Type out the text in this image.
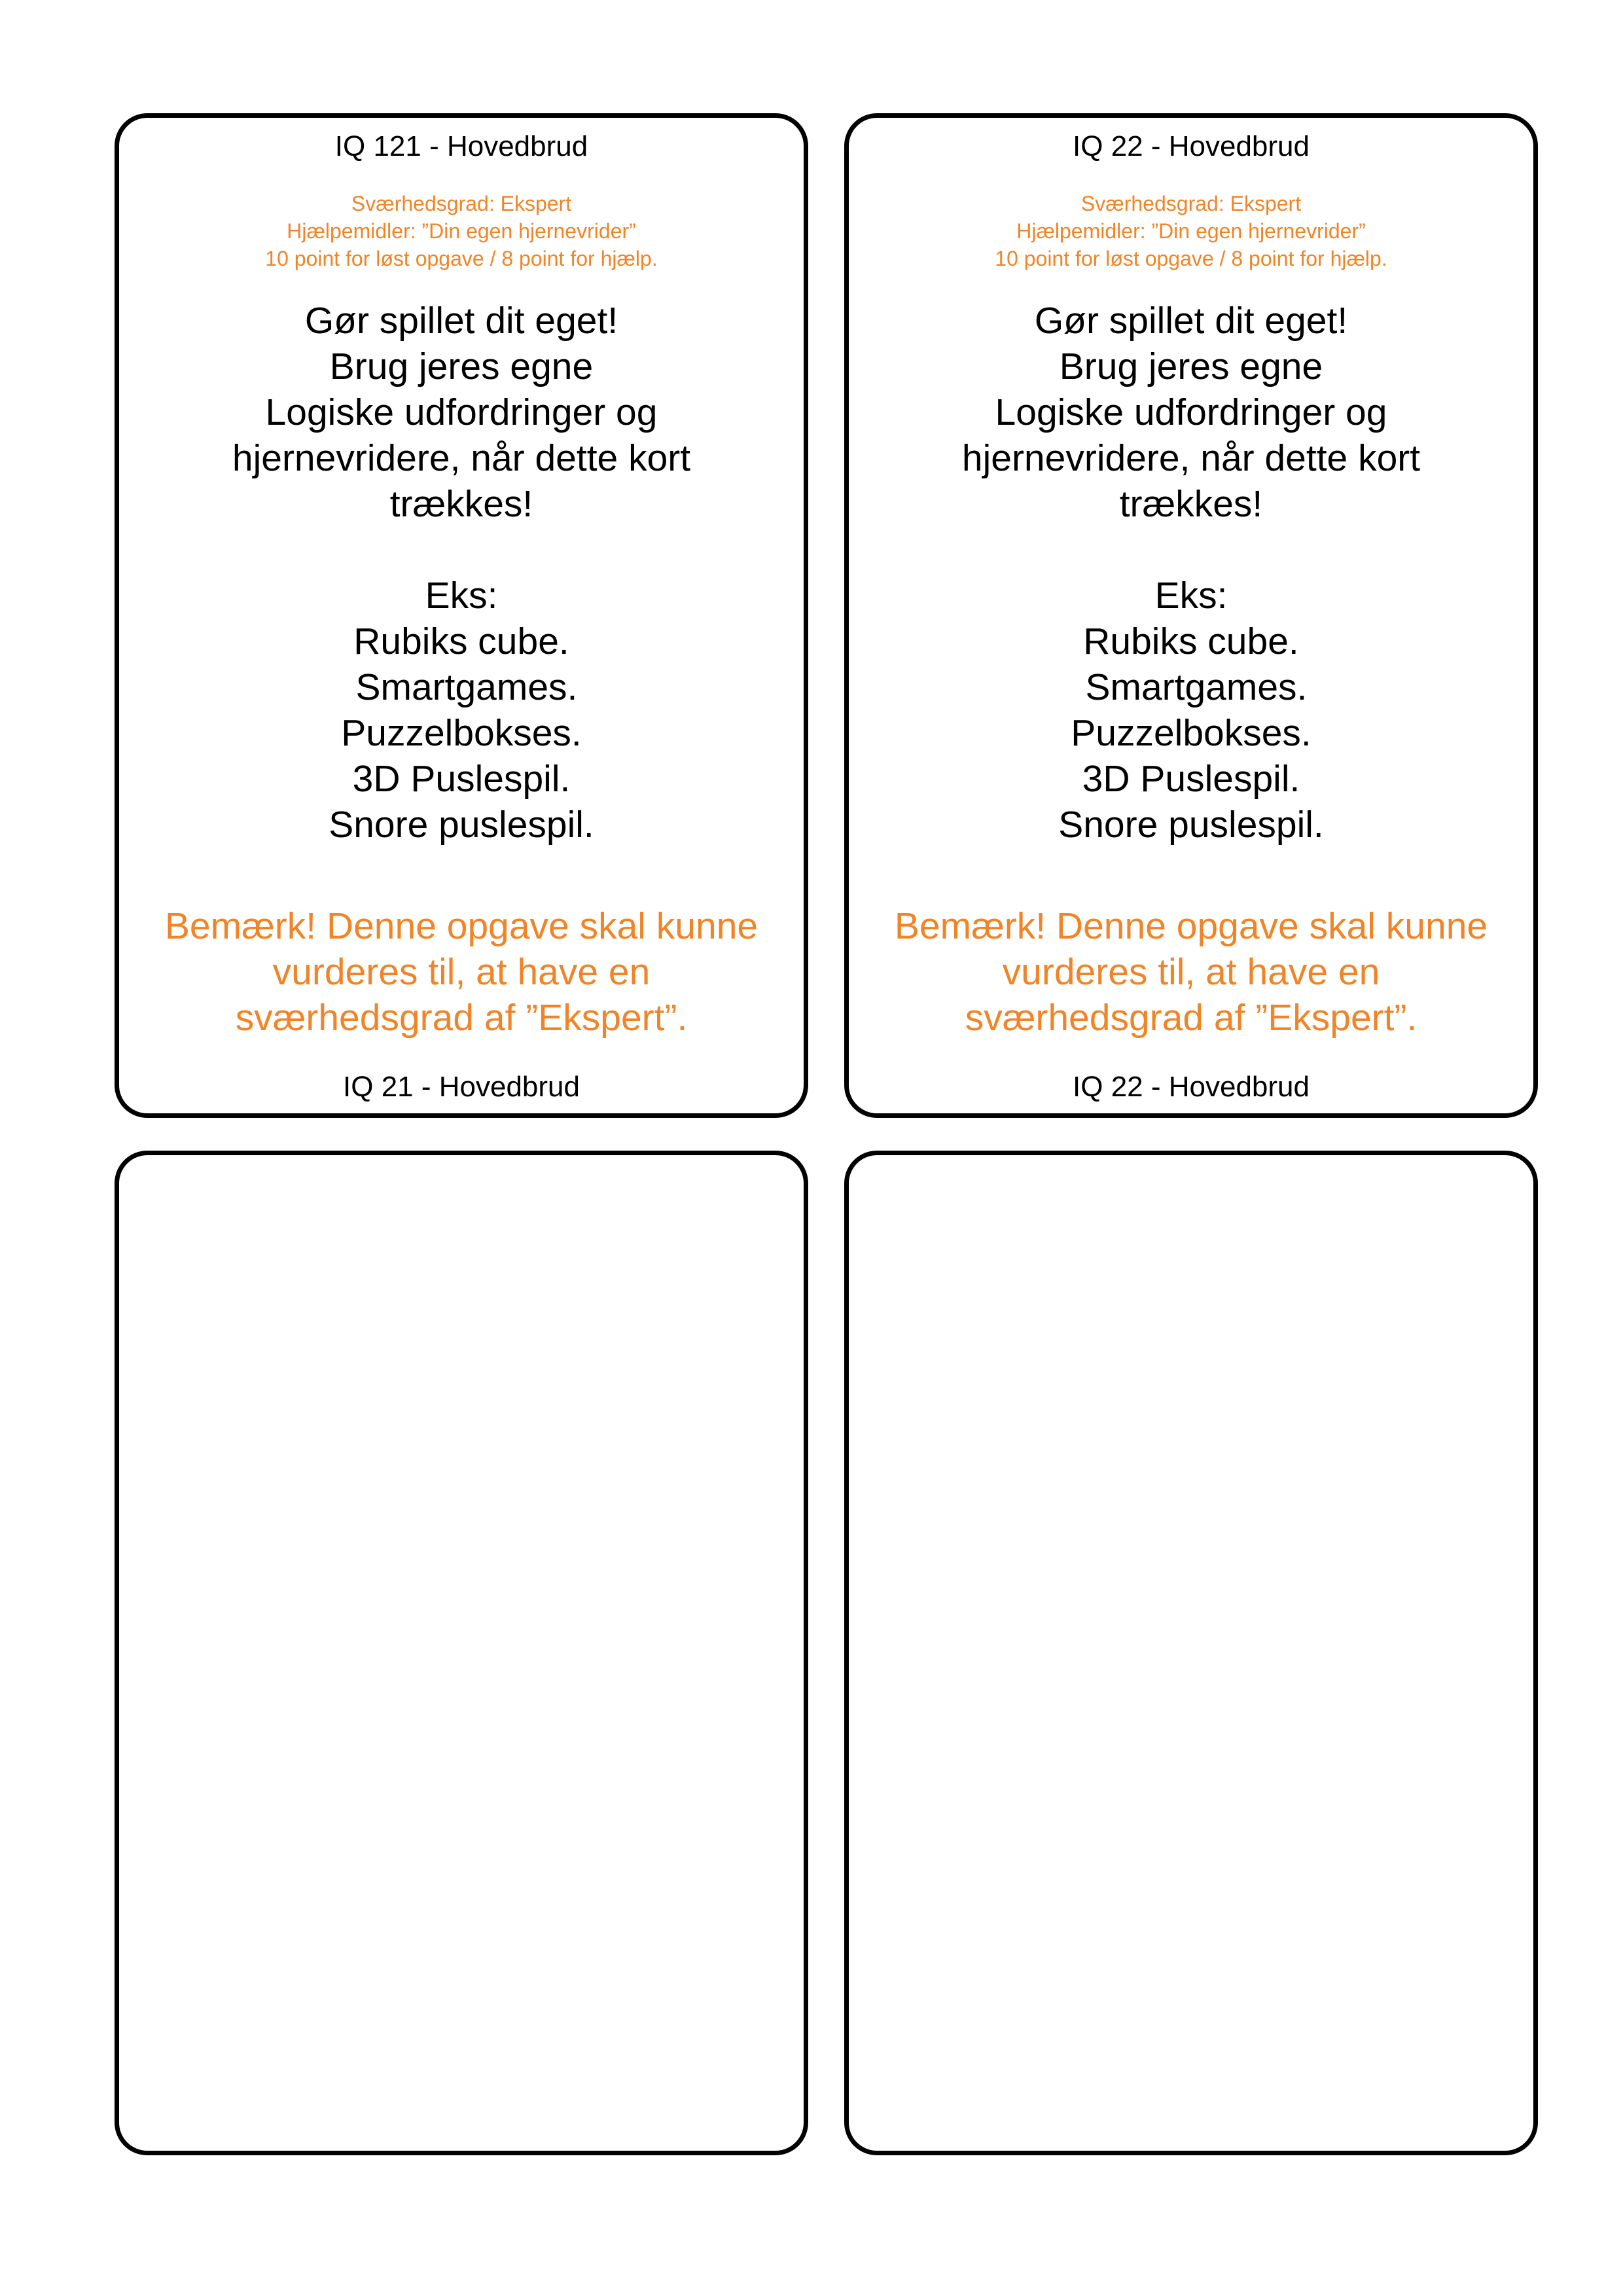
IQ 121 - Hovedbrud
Sværhedsgrad: Ekspert
Hjælpemidler: ”Din egen hjernevrider”
10 point for løst opgave / 8 point for hjælp.
Gør spillet dit eget!
Brug jeres egne
Logiske udfordringer og
hjernevridere, når dette kort
trækkes!
Eks:
Rubiks cube.
Smartgames.
Puzzelbokses.
3D Puslespil.
Snore puslespil.
Bemærk! Denne opgave skal kunne
vurderes til, at have en
sværhedsgrad af ”Ekspert”.
IQ 21 - Hovedbrud
IQ 22 - Hovedbrud
Sværhedsgrad: Ekspert
Hjælpemidler: ”Din egen hjernevrider”
10 point for løst opgave / 8 point for hjælp.
Gør spillet dit eget!
Brug jeres egne
Logiske udfordringer og
hjernevridere, når dette kort
trækkes!
Eks:
Rubiks cube.
Smartgames.
Puzzelbokses.
3D Puslespil.
Snore puslespil.
Bemærk! Denne opgave skal kunne
vurderes til, at have en
sværhedsgrad af ”Ekspert”.
IQ 22 - Hovedbrud
